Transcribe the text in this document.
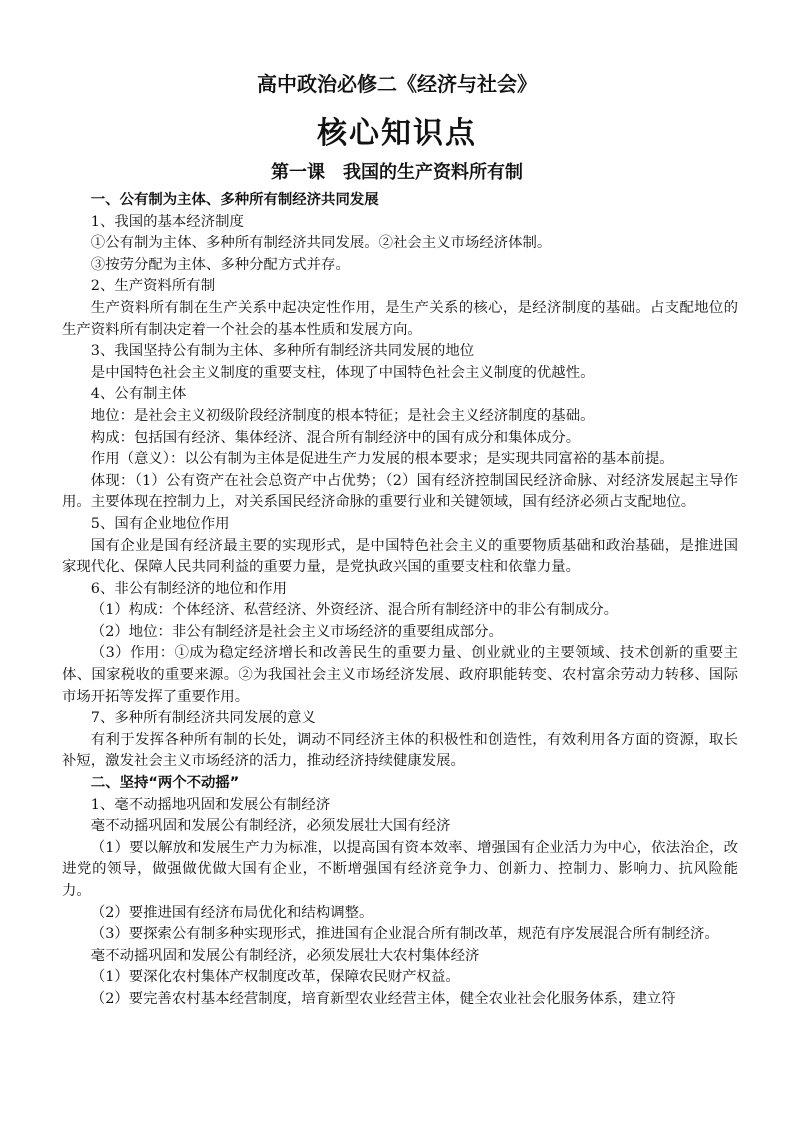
高中政治必修二《经济与社会》
核心知识点
第一课　我国的生产资料所有制

一、公有制为主体、多种所有制经济共同发展

1、我国的基本经济制度

①公有制为主体、多种所有制经济共同发展。②社会主义市场经济体制。

③按劳分配为主体、多种分配方式并存。

2、生产资料所有制

生产资料所有制在生产关系中起决定性作用，是生产关系的核心，是经济制度的基础。占支配地位的生产资料所有制决定着一个社会的基本性质和发展方向。

3、我国坚持公有制为主体、多种所有制经济共同发展的地位

是中国特色社会主义制度的重要支柱，体现了中国特色社会主义制度的优越性。

4、公有制主体

地位：是社会主义初级阶段经济制度的根本特征；是社会主义经济制度的基础。

构成：包括国有经济、集体经济、混合所有制经济中的国有成分和集体成分。

作用（意义）：以公有制为主体是促进生产力发展的根本要求；是实现共同富裕的基本前提。

体现：（1）公有资产在社会总资产中占优势；（2）国有经济控制国民经济命脉、对经济发展起主导作用。主要体现在控制力上，对关系国民经济命脉的重要行业和关键领域，国有经济必须占支配地位。

5、国有企业地位作用

国有企业是国有经济最主要的实现形式，是中国特色社会主义的重要物质基础和政治基础，是推进国家现代化、保障人民共同利益的重要力量，是党执政兴国的重要支柱和依靠力量。

6、非公有制经济的地位和作用

（1）构成：个体经济、私营经济、外资经济、混合所有制经济中的非公有制成分。

（2）地位：非公有制经济是社会主义市场经济的重要组成部分。

（3）作用：①成为稳定经济增长和改善民生的重要力量、创业就业的主要领域、技术创新的重要主体、国家税收的重要来源。②为我国社会主义市场经济发展、政府职能转变、农村富余劳动力转移、国际市场开拓等发挥了重要作用。

7、多种所有制经济共同发展的意义

有利于发挥各种所有制的长处，调动不同经济主体的积极性和创造性，有效利用各方面的资源，取长补短，激发社会主义市场经济的活力，推动经济持续健康发展。

二、坚持“两个不动摇”

1、毫不动摇地巩固和发展公有制经济

毫不动摇巩固和发展公有制经济，必须发展壮大国有经济

（1）要以解放和发展生产力为标准，以提高国有资本效率、增强国有企业活力为中心，依法治企，改进党的领导，做强做优做大国有企业，不断增强国有经济竞争力、创新力、控制力、影响力、抗风险能力。

（2）要推进国有经济布局优化和结构调整。

（3）要探索公有制多种实现形式，推进国有企业混合所有制改革，规范有序发展混合所有制经济。

毫不动摇巩固和发展公有制经济，必须发展壮大农村集体经济

（1）要深化农村集体产权制度改革，保障农民财产权益。

（2）要完善农村基本经营制度，培育新型农业经营主体，健全农业社会化服务体系，建立符
